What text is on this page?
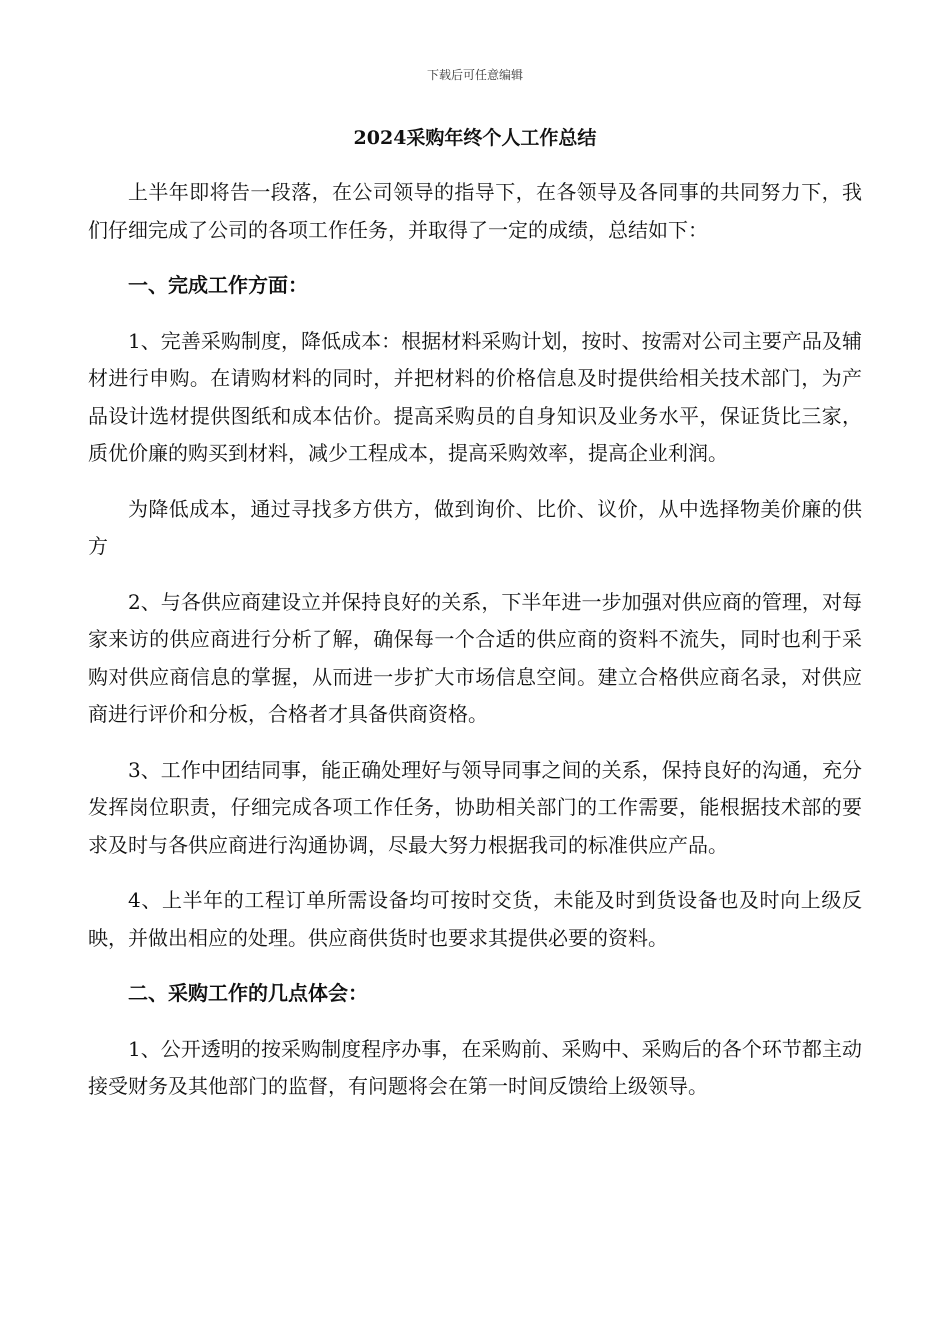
下载后可任意编辑
2024采购年终个人工作总结

上半年即将告一段落，在公司领导的指导下，在各领导及各同事的共同努力下，我们仔细完成了公司的各项工作任务，并取得了一定的成绩，总结如下：

一、完成工作方面：

1、完善采购制度，降低成本：根据材料采购计划，按时、按需对公司主要产品及辅材进行申购。在请购材料的同时，并把材料的价格信息及时提供给相关技术部门，为产品设计选材提供图纸和成本估价。提高采购员的自身知识及业务水平，保证货比三家，质优价廉的购买到材料，减少工程成本，提高采购效率，提高企业利润。

为降低成本，通过寻找多方供方，做到询价、比价、议价，从中选择物美价廉的供方

2、与各供应商建设立并保持良好的关系，下半年进一步加强对供应商的管理，对每家来访的供应商进行分析了解，确保每一个合适的供应商的资料不流失，同时也利于采购对供应商信息的掌握，从而进一步扩大市场信息空间。建立合格供应商名录，对供应商进行评价和分板，合格者才具备供商资格。

3、工作中团结同事，能正确处理好与领导同事之间的关系，保持良好的沟通，充分发挥岗位职责，仔细完成各项工作任务，协助相关部门的工作需要，能根据技术部的要求及时与各供应商进行沟通协调，尽最大努力根据我司的标准供应产品。

4、上半年的工程订单所需设备均可按时交货，未能及时到货设备也及时向上级反映，并做出相应的处理。供应商供货时也要求其提供必要的资料。

二、采购工作的几点体会：

1、公开透明的按采购制度程序办事，在采购前、采购中、采购后的各个环节都主动接受财务及其他部门的监督，有问题将会在第一时间反馈给上级领导。
